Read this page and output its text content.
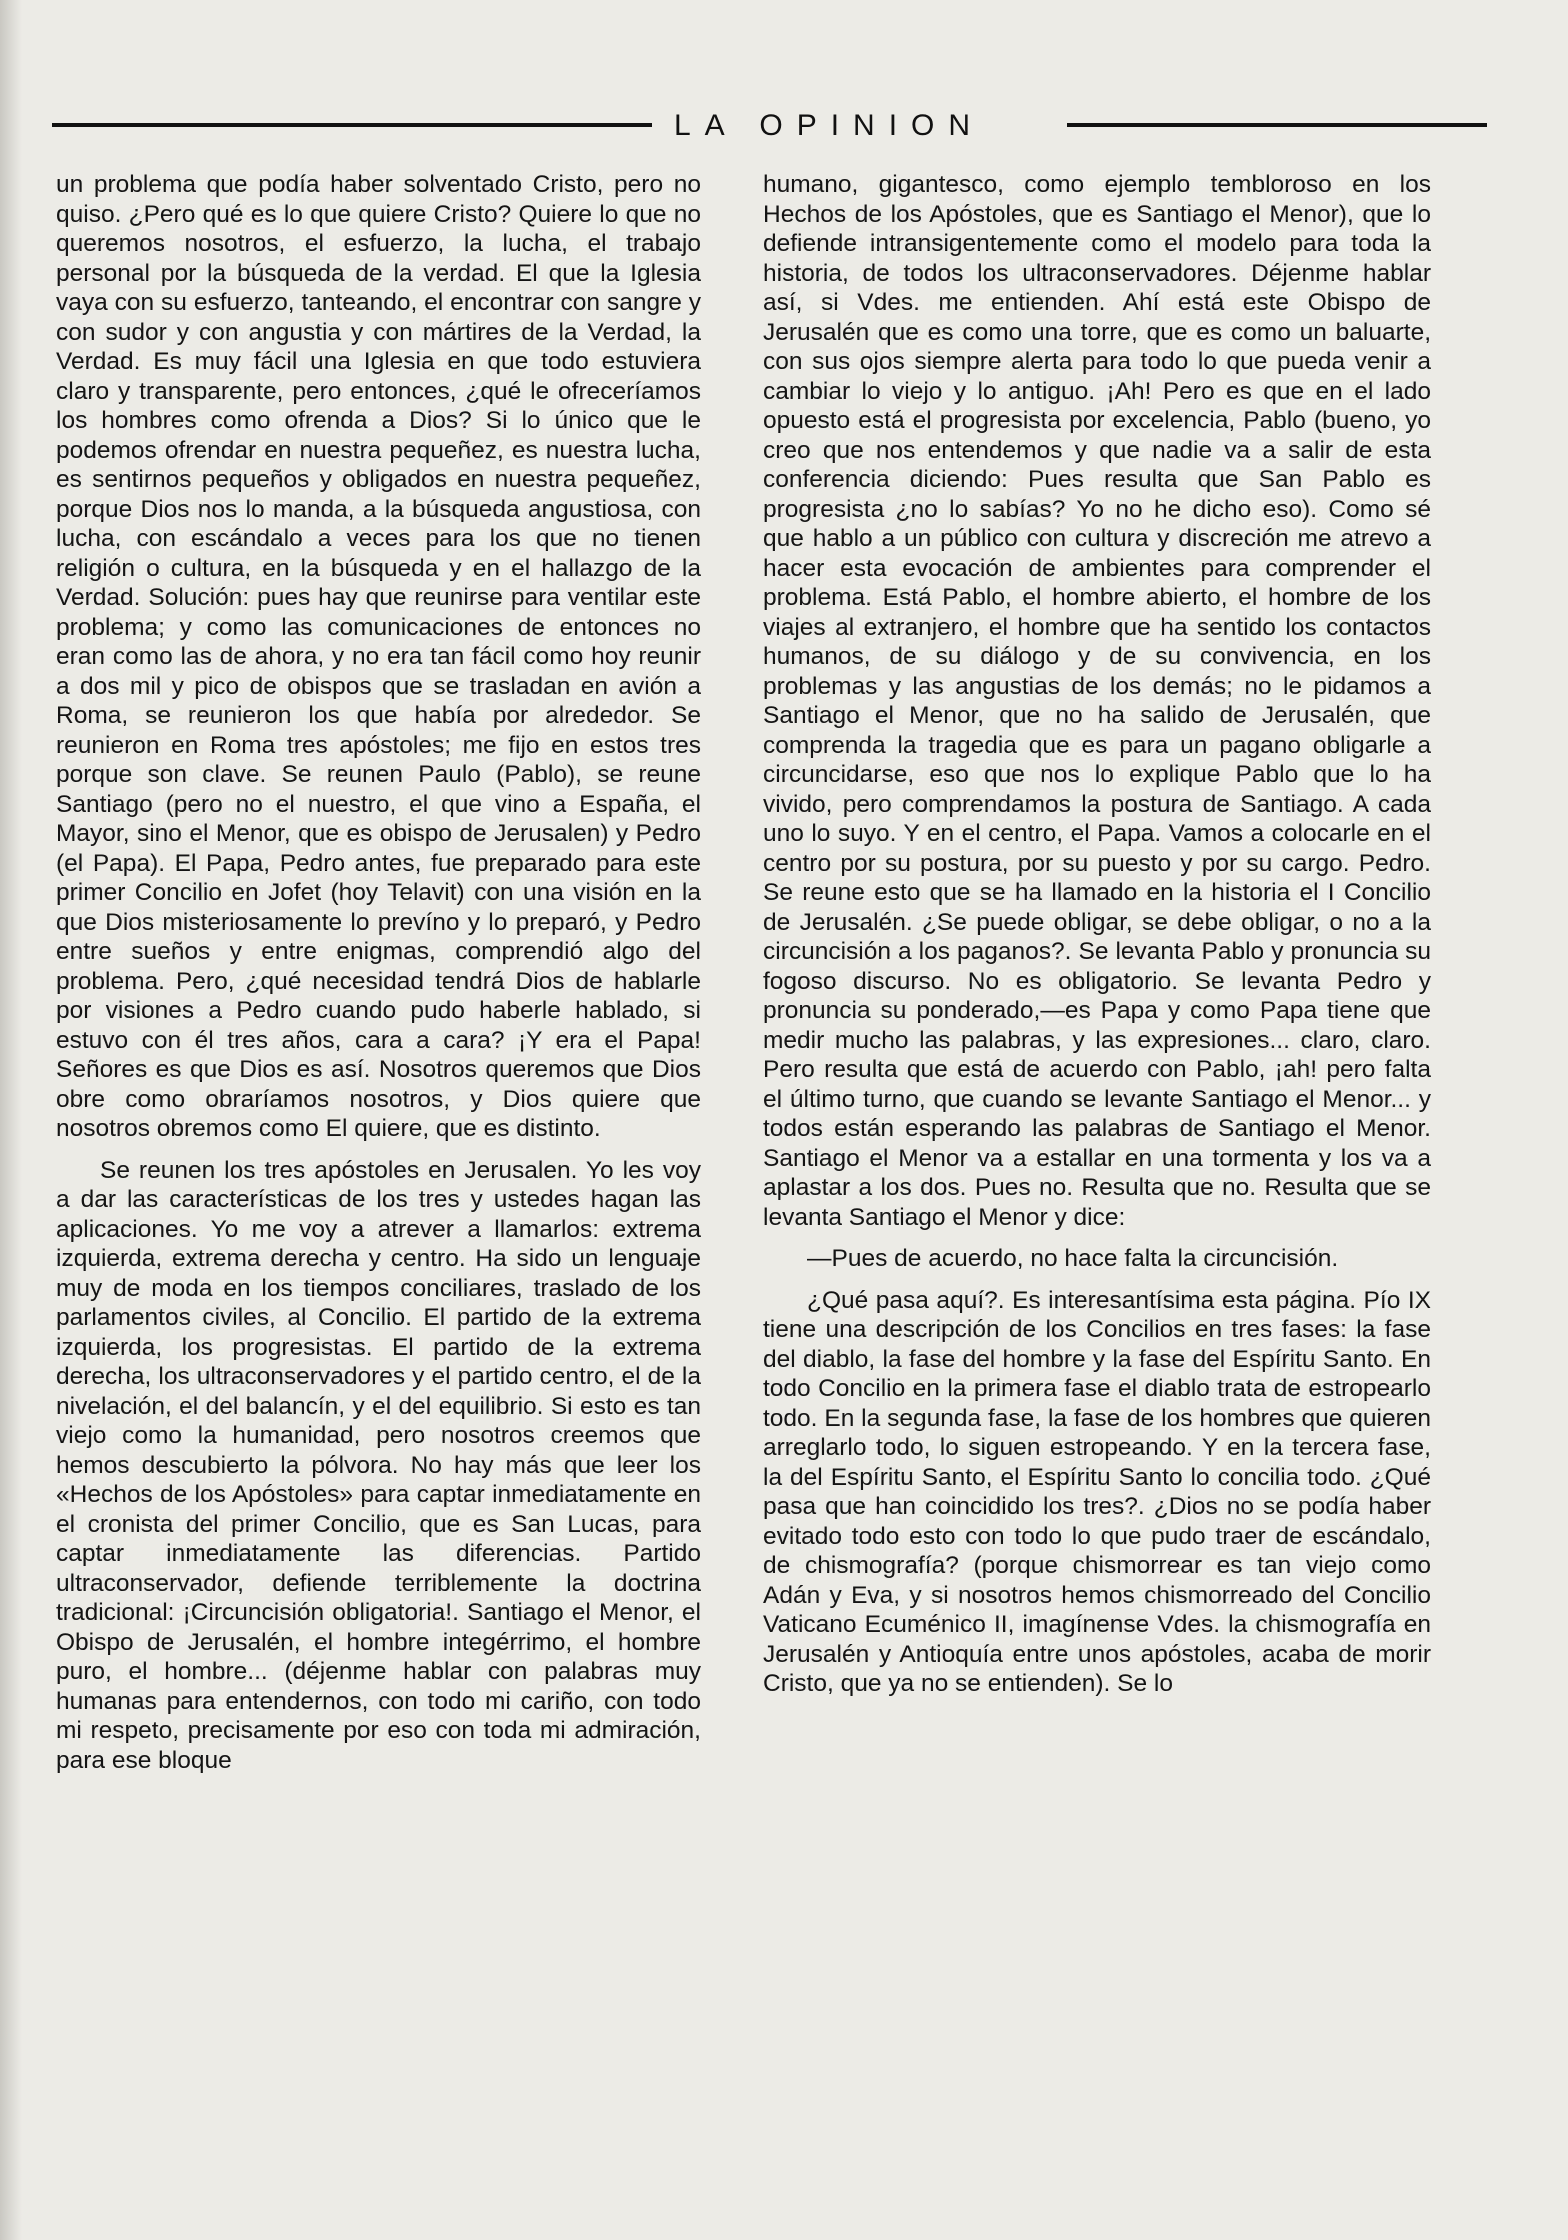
LA OPINION

un problema que podía haber solventado Cristo, pero no quiso. ¿Pero qué es lo que quiere Cristo? Quiere lo que no queremos nosotros, el esfuerzo, la lucha, el trabajo personal por la búsqueda de la verdad. El que la Iglesia vaya con su esfuerzo, tanteando, el encontrar con sangre y con sudor y con angustia y con mártires de la Verdad, la Verdad. Es muy fácil una Iglesia en que todo estuviera claro y transparente, pero entonces, ¿qué le ofreceríamos los hombres como ofrenda a Dios? Si lo único que le podemos ofrendar en nuestra pequeñez, es nuestra lucha, es sentirnos pequeños y obligados en nuestra pequeñez, porque Dios nos lo manda, a la búsqueda angustiosa, con lucha, con escándalo a veces para los que no tienen religión o cultura, en la búsqueda y en el hallazgo de la Verdad. Solución: pues hay que reunirse para ventilar este problema; y como las comunicaciones de entonces no eran como las de ahora, y no era tan fácil como hoy reunir a dos mil y pico de obispos que se trasladan en avión a Roma, se reunieron los que había por alrededor. Se reunieron en Roma tres apóstoles; me fijo en estos tres porque son clave. Se reunen Paulo (Pablo), se reune Santiago (pero no el nuestro, el que vino a España, el Mayor, sino el Menor, que es obispo de Jerusalen) y Pedro (el Papa). El Papa, Pedro antes, fue preparado para este primer Concilio en Jofet (hoy Telavit) con una visión en la que Dios misteriosamente lo prevíno y lo preparó, y Pedro entre sueños y entre enigmas, comprendió algo del problema. Pero, ¿qué necesidad tendrá Dios de hablarle por visiones a Pedro cuando pudo haberle hablado, si estuvo con él tres años, cara a cara? ¡Y era el Papa! Señores es que Dios es así. Nosotros queremos que Dios obre como obraríamos nosotros, y Dios quiere que nosotros obremos como El quiere, que es distinto.

Se reunen los tres apóstoles en Jerusalen. Yo les voy a dar las características de los tres y ustedes hagan las aplicaciones. Yo me voy a atrever a llamarlos: extrema izquierda, extrema derecha y centro. Ha sido un lenguaje muy de moda en los tiempos conciliares, traslado de los parlamentos civiles, al Concilio. El partido de la extrema izquierda, los progresistas. El partido de la extrema derecha, los ultraconservadores y el partido centro, el de la nivelación, el del balancín, y el del equilibrio. Si esto es tan viejo como la humanidad, pero nosotros creemos que hemos descubierto la pólvora. No hay más que leer los «Hechos de los Apóstoles» para captar inmediatamente en el cronista del primer Concilio, que es San Lucas, para captar inmediatamente las diferencias. Partido ultraconservador, defiende terriblemente la doctrina tradicional: ¡Circuncisión obligatoria!. Santiago el Menor, el Obispo de Jerusalén, el hombre integérrimo, el hombre puro, el hombre... (déjenme hablar con palabras muy humanas para entendernos, con todo mi cariño, con todo mi respeto, precisamente por eso con toda mi admiración, para ese bloque

humano, gigantesco, como ejemplo tembloroso en los Hechos de los Apóstoles, que es Santiago el Menor), que lo defiende intransigentemente como el modelo para toda la historia, de todos los ultraconservadores. Déjenme hablar así, si Vdes. me entienden. Ahí está este Obispo de Jerusalén que es como una torre, que es como un baluarte, con sus ojos siempre alerta para todo lo que pueda venir a cambiar lo viejo y lo antiguo. ¡Ah! Pero es que en el lado opuesto está el progresista por excelencia, Pablo (bueno, yo creo que nos entendemos y que nadie va a salir de esta conferencia diciendo: Pues resulta que San Pablo es progresista ¿no lo sabías? Yo no he dicho eso). Como sé que hablo a un público con cultura y discreción me atrevo a hacer esta evocación de ambientes para comprender el problema. Está Pablo, el hombre abierto, el hombre de los viajes al extranjero, el hombre que ha sentido los contactos humanos, de su diálogo y de su convivencia, en los problemas y las angustias de los demás; no le pidamos a Santiago el Menor, que no ha salido de Jerusalén, que comprenda la tragedia que es para un pagano obligarle a circuncidarse, eso que nos lo explique Pablo que lo ha vivido, pero comprendamos la postura de Santiago. A cada uno lo suyo. Y en el centro, el Papa. Vamos a colocarle en el centro por su postura, por su puesto y por su cargo. Pedro. Se reune esto que se ha llamado en la historia el I Concilio de Jerusalén. ¿Se puede obligar, se debe obligar, o no a la circuncisión a los paganos?. Se levanta Pablo y pronuncia su fogoso discurso. No es obligatorio. Se levanta Pedro y pronuncia su ponderado,—es Papa y como Papa tiene que medir mucho las palabras, y las expresiones... claro, claro. Pero resulta que está de acuerdo con Pablo, ¡ah! pero falta el último turno, que cuando se levante Santiago el Menor... y todos están esperando las palabras de Santiago el Menor. Santiago el Menor va a estallar en una tormenta y los va a aplastar a los dos. Pues no. Resulta que no. Resulta que se levanta Santiago el Menor y dice:

—Pues de acuerdo, no hace falta la circuncisión.

¿Qué pasa aquí?. Es interesantísima esta página. Pío IX tiene una descripción de los Concilios en tres fases: la fase del diablo, la fase del hombre y la fase del Espíritu Santo. En todo Concilio en la primera fase el diablo trata de estropearlo todo. En la segunda fase, la fase de los hombres que quieren arreglarlo todo, lo siguen estropeando. Y en la tercera fase, la del Espíritu Santo, el Espíritu Santo lo concilia todo. ¿Qué pasa que han coincidido los tres?. ¿Dios no se podía haber evitado todo esto con todo lo que pudo traer de escándalo, de chismografía? (porque chismorrear es tan viejo como Adán y Eva, y si nosotros hemos chismorreado del Concilio Vaticano Ecuménico II, imagínense Vdes. la chismografía en Jerusalén y Antioquía entre unos apóstoles, acaba de morir Cristo, que ya no se entienden). Se lo
